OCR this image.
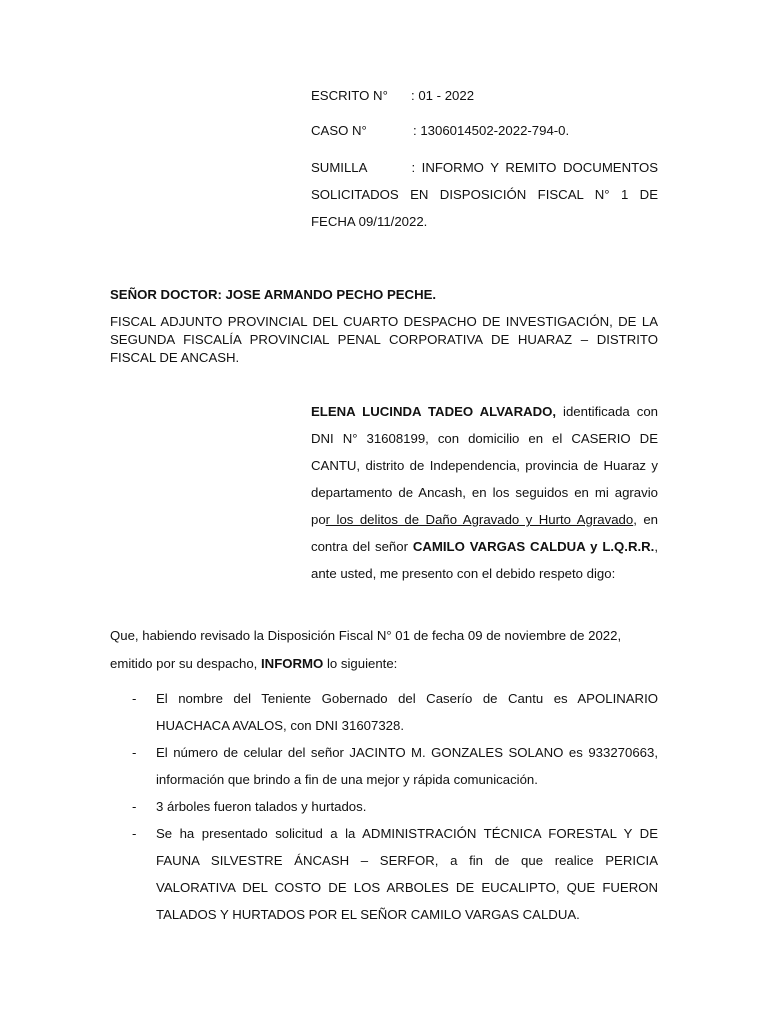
ESCRITO N° : 01 - 2022
CASO N°	: 1306014502-2022-794-0.
SUMILLA	: INFORMO Y REMITO DOCUMENTOS SOLICITADOS EN DISPOSICIÓN FISCAL N° 1 DE FECHA 09/11/2022.
SEÑOR DOCTOR: JOSE ARMANDO PECHO PECHE.
FISCAL ADJUNTO PROVINCIAL DEL CUARTO DESPACHO DE INVESTIGACIÓN, DE LA SEGUNDA FISCALÍA PROVINCIAL PENAL CORPORATIVA DE HUARAZ – DISTRITO FISCAL DE ANCASH.
ELENA LUCINDA TADEO ALVARADO, identificada con DNI N° 31608199, con domicilio en el CASERIO DE CANTU, distrito de Independencia, provincia de Huaraz y departamento de Ancash, en los seguidos en mi agravio por los delitos de Daño Agravado y Hurto Agravado, en contra del señor CAMILO VARGAS CALDUA y L.Q.R.R., ante usted, me presento con el debido respeto digo:
Que, habiendo revisado la Disposición Fiscal N° 01 de fecha 09 de noviembre de 2022, emitido por su despacho, INFORMO lo siguiente:
- El nombre del Teniente Gobernado del Caserío de Cantu es APOLINARIO HUACHACA AVALOS, con DNI 31607328.
- El número de celular del señor JACINTO M. GONZALES SOLANO es 933270663, información que brindo a fin de una mejor y rápida comunicación.
- 3 árboles fueron talados y hurtados.
- Se ha presentado solicitud a la ADMINISTRACIÓN TÉCNICA FORESTAL Y DE FAUNA SILVESTRE ÁNCASH – SERFOR, a fin de que realice PERICIA VALORATIVA DEL COSTO DE LOS ARBOLES DE EUCALIPTO, QUE FUERON TALADOS Y HURTADOS POR EL SEÑOR CAMILO VARGAS CALDUA.
